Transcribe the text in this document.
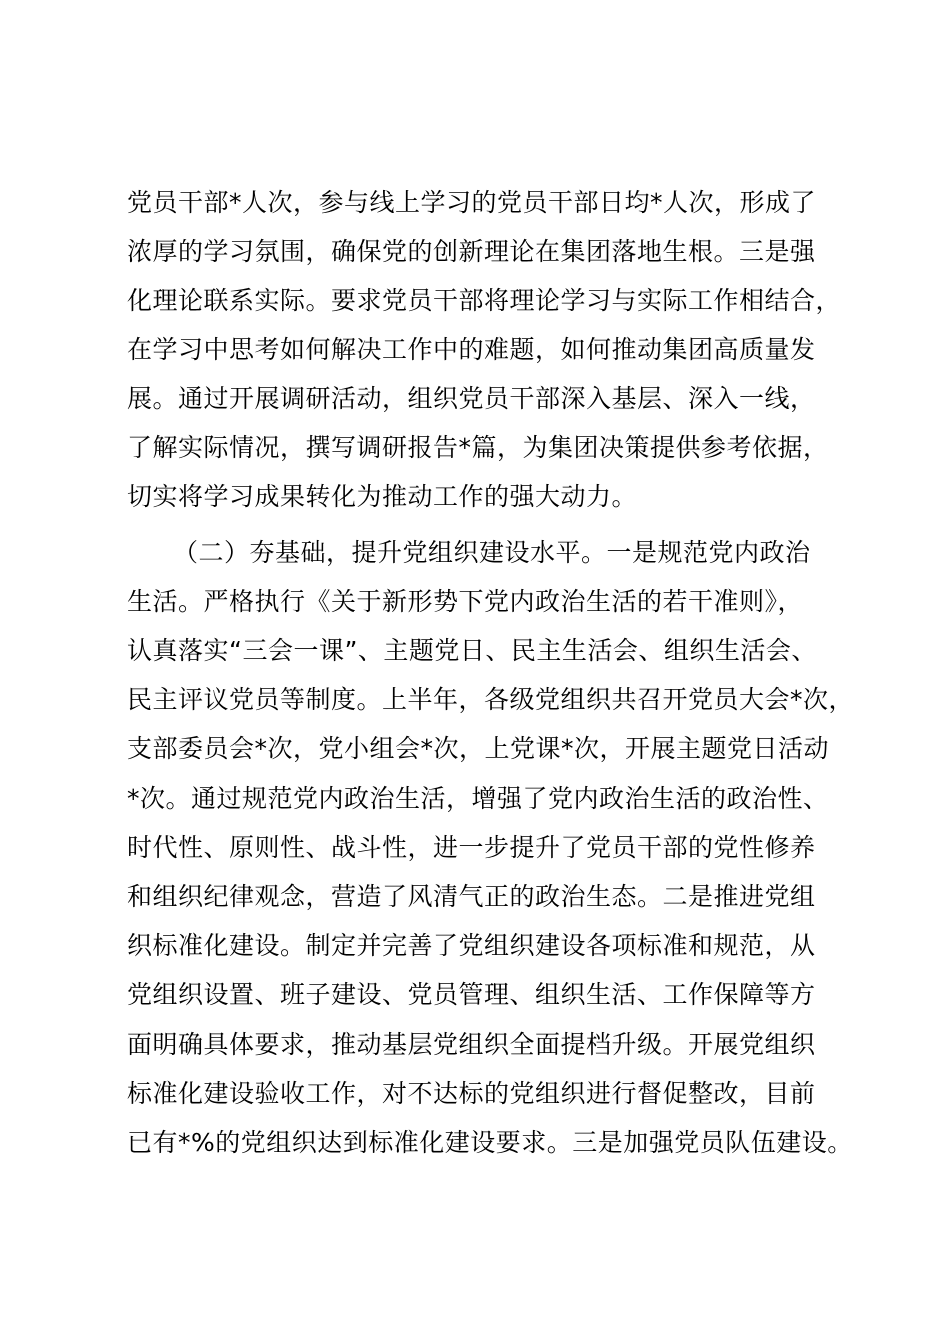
党员干部*人次，参与线上学习的党员干部日均*人次，形成了
浓厚的学习氛围，确保党的创新理论在集团落地生根。三是强
化理论联系实际。要求党员干部将理论学习与实际工作相结合，
在学习中思考如何解决工作中的难题，如何推动集团高质量发
展。通过开展调研活动，组织党员干部深入基层、深入一线，
了解实际情况，撰写调研报告*篇，为集团决策提供参考依据，
切实将学习成果转化为推动工作的强大动力。
（二）夯基础，提升党组织建设水平。一是规范党内政治
生活。严格执行《关于新形势下党内政治生活的若干准则》，
认真落实“三会一课”、主题党日、民主生活会、组织生活会、
民主评议党员等制度。上半年，各级党组织共召开党员大会*次，
支部委员会*次，党小组会*次，上党课*次，开展主题党日活动
*次。通过规范党内政治生活，增强了党内政治生活的政治性、
时代性、原则性、战斗性，进一步提升了党员干部的党性修养
和组织纪律观念，营造了风清气正的政治生态。二是推进党组
织标准化建设。制定并完善了党组织建设各项标准和规范，从
党组织设置、班子建设、党员管理、组织生活、工作保障等方
面明确具体要求，推动基层党组织全面提档升级。开展党组织
标准化建设验收工作，对不达标的党组织进行督促整改，目前
已有*%的党组织达到标准化建设要求。三是加强党员队伍建设。
